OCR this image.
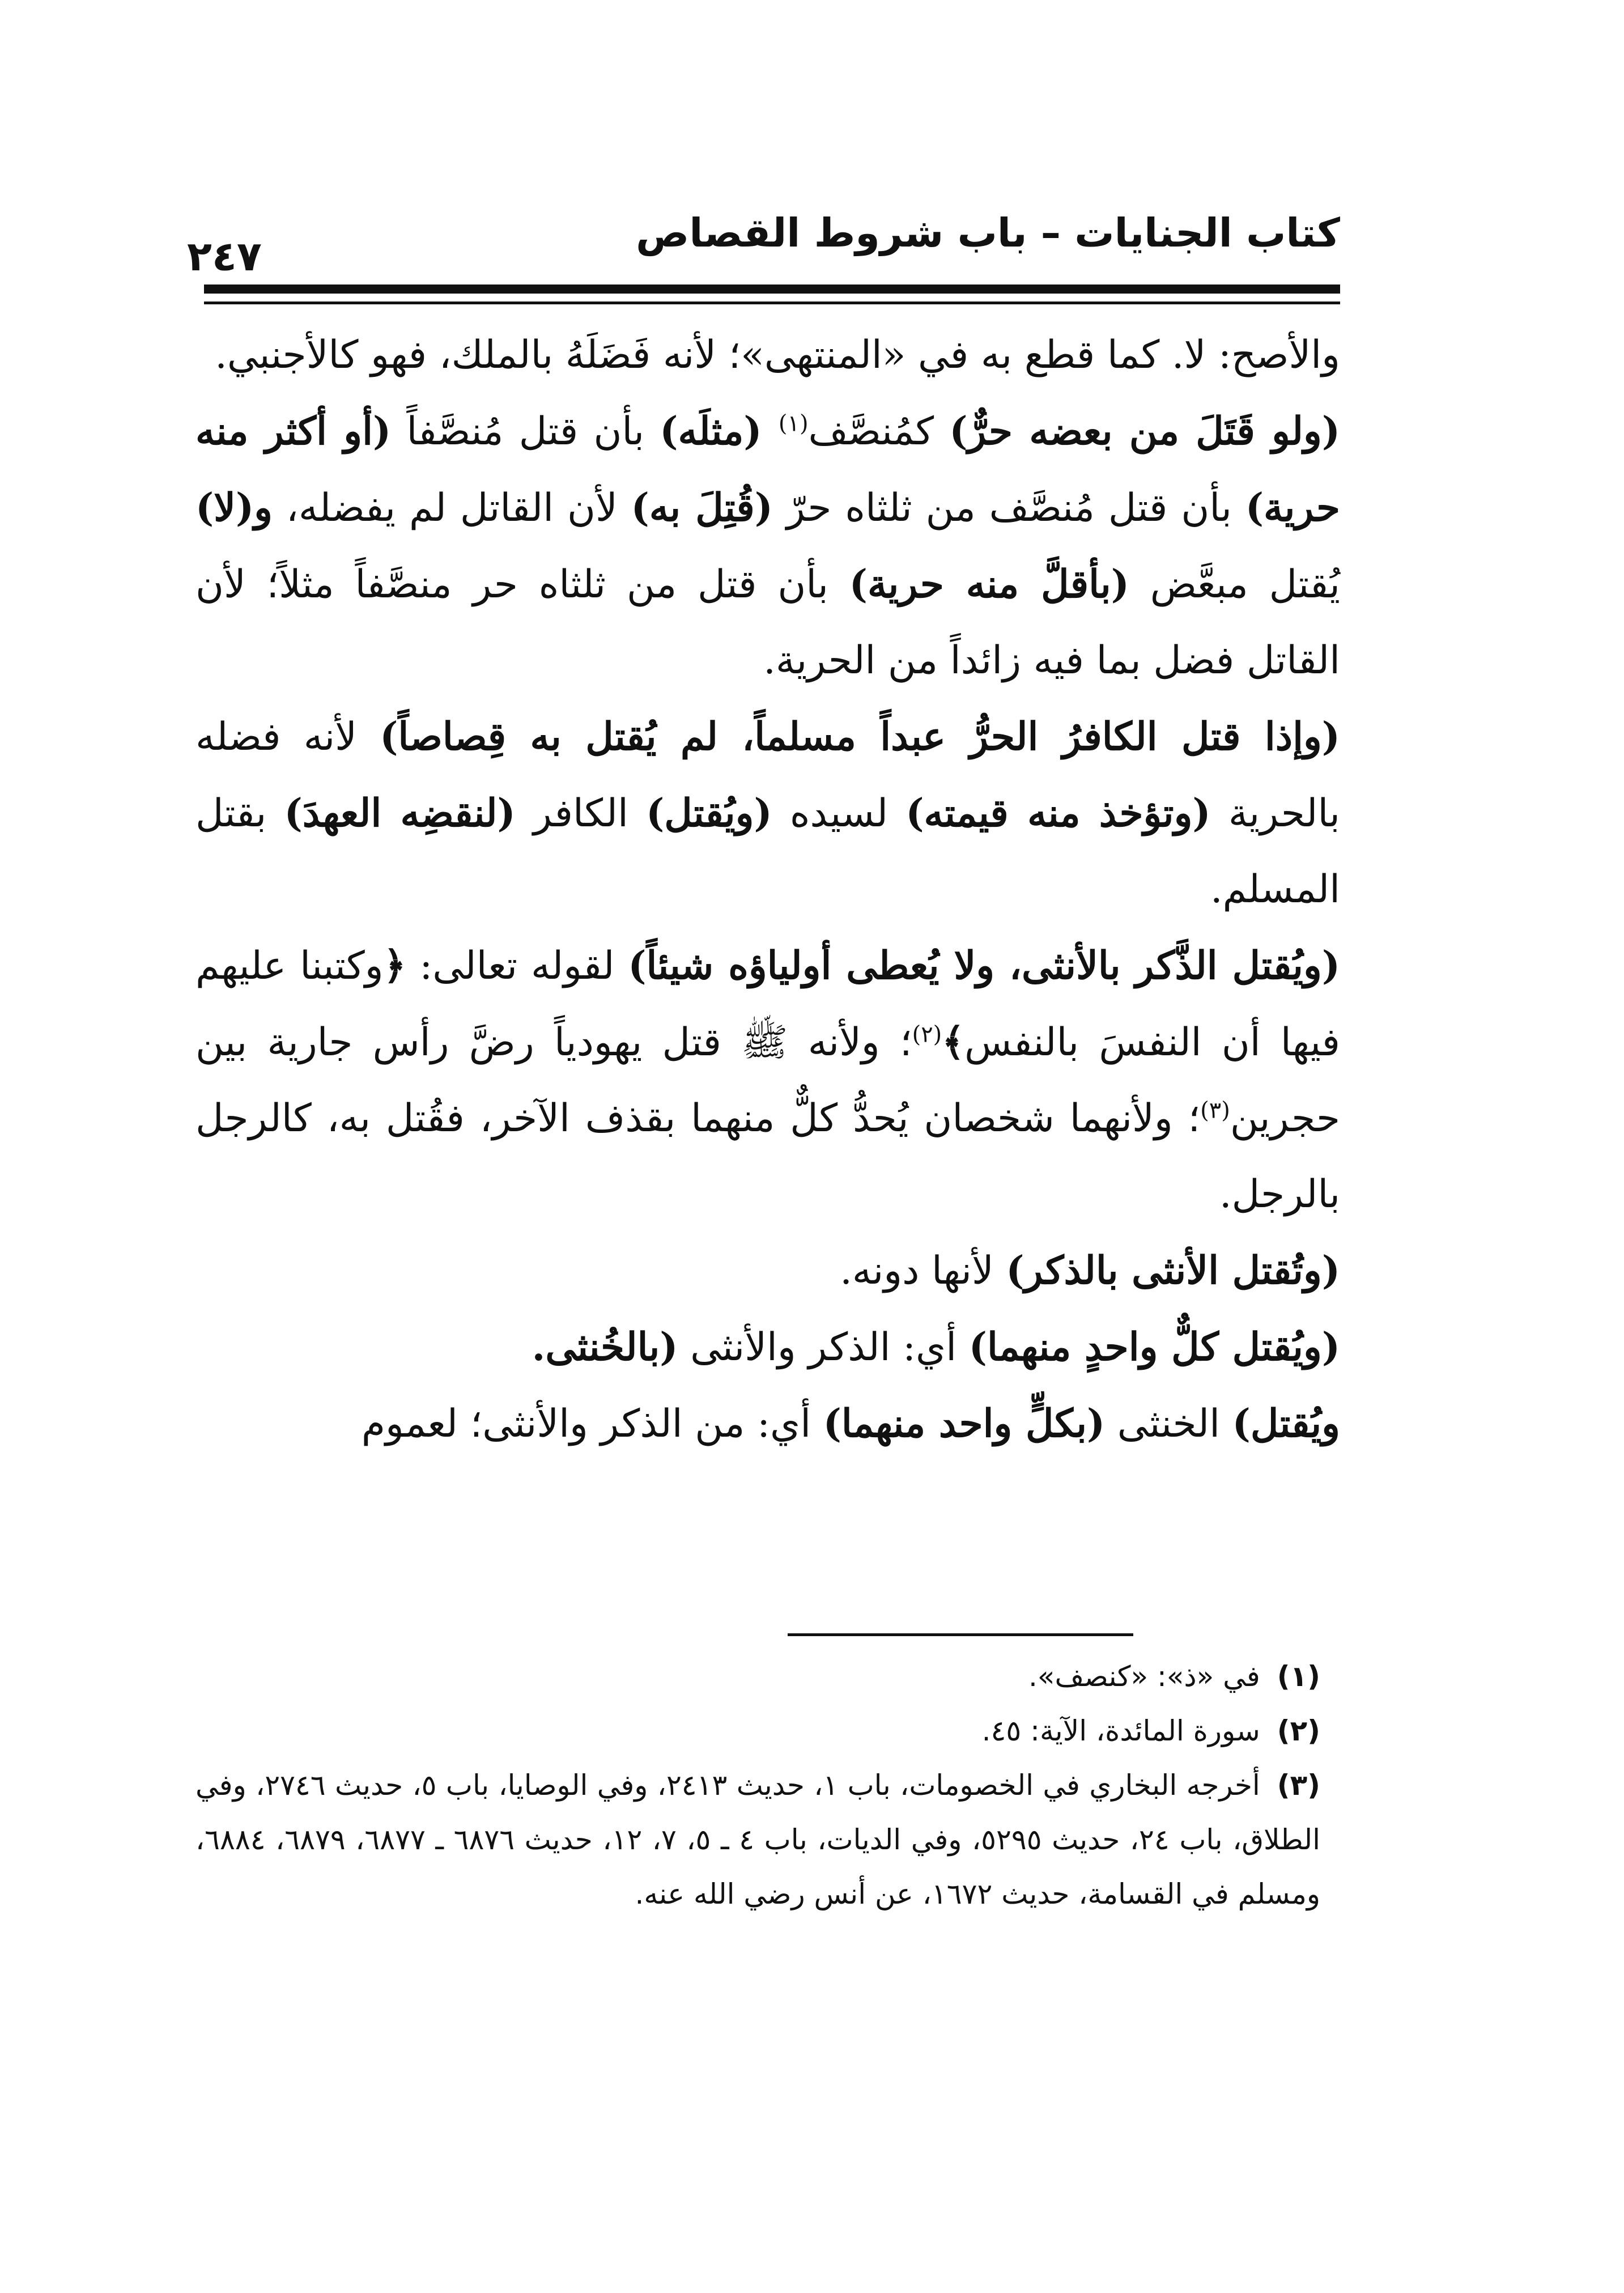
٢٤٧	كتاب الجنايات – باب شروط القصاص

والأصح: لا. كما قطع به في «المنتهى»؛ لأنه فَضَلَهُ بالملك، فهو كالأجنبي.

(ولو قَتَلَ من بعضه حرٌّ) كمُنصَّف$^{(١)}$ (مثلَه) بأن قتل مُنصَّفاً (أو أكثر منه حرية) بأن قتل مُنصَّف من ثلثاه حرّ (قُتِلَ به) لأن القاتل لم يفضله، و(لا) يُقتل مبعَّض (بأقلَّ منه حرية) بأن قتل من ثلثاه حر منصَّفاً مثلاً؛ لأن القاتل فضل بما فيه زائداً من الحرية.

(وإذا قتل الكافرُ الحرُّ عبداً مسلماً، لم يُقتل به قِصاصاً) لأنه فضله بالحرية (وتؤخذ منه قيمته) لسيده (ويُقتل) الكافر (لنقضِه العهدَ) بقتل المسلم.

(ويُقتل الذَّكر بالأنثى، ولا يُعطى أولياؤه شيئاً) لقوله تعالى: ﴿وكتبنا عليهم فيها أن النفسَ بالنفس﴾$^{(٢)}$؛ ولأنه ﷺ قتل يهودياً رضَّ رأس جارية بين حجرين$^{(٣)}$؛ ولأنهما شخصان يُحدُّ كلٌّ منهما بقذف الآخر، فقُتل به، كالرجل بالرجل.

(وتُقتل الأنثى بالذكر) لأنها دونه.

(ويُقتل كلٌّ واحدٍ منهما) أي: الذكر والأنثى (بالخُنثى.

ويُقتل) الخنثى (بكلٍّ واحد منهما) أي: من الذكر والأنثى؛ لعموم

(١)في «ذ»: «كنصف».

(٢)سورة المائدة، الآية: ٤٥.

(٣)أخرجه البخاري في الخصومات، باب ١، حديث ٢٤١٣، وفي الوصايا، باب ٥، حديث ٢٧٤٦، وفي الطلاق، باب ٢٤، حديث ٥٢٩٥، وفي الديات، باب ٤ ـ ٥، ٧، ١٢، حديث ٦٨٧٦ ـ ٦٨٧٧، ٦٨٧٩، ٦٨٨٤، ومسلم في القسامة، حديث ١٦٧٢، عن أنس رضي الله عنه.
